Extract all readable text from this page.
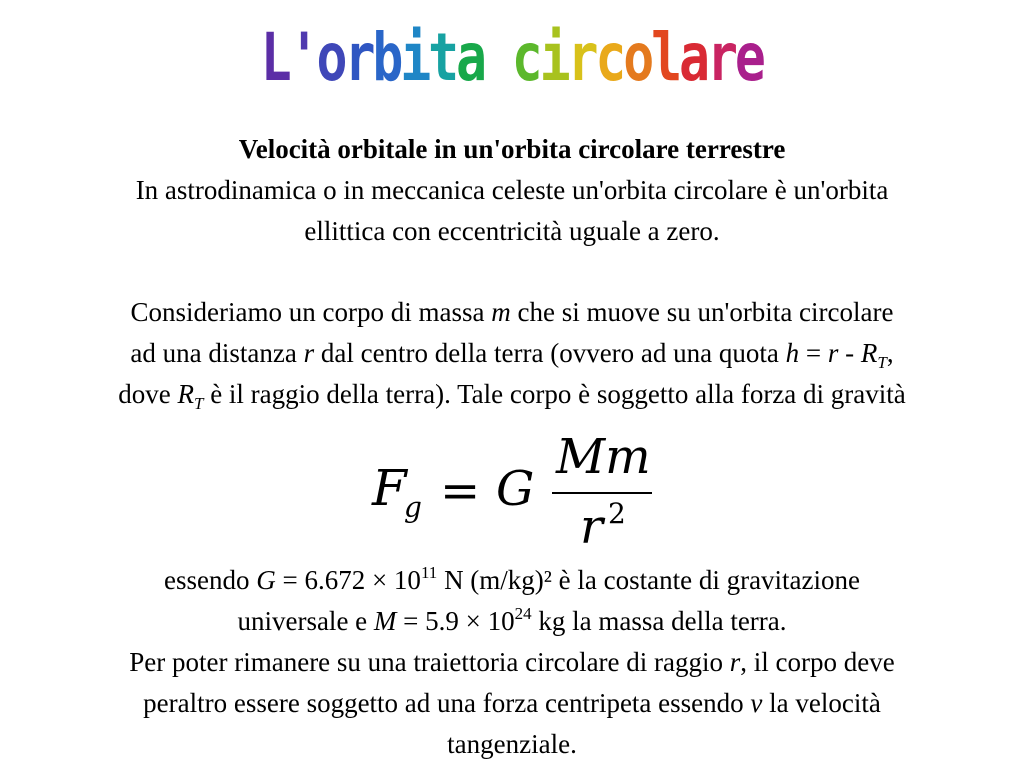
L'orbita circolare
Velocità orbitale in un'orbita circolare terrestre
In astrodinamica o in meccanica celeste un'orbita circolare è un'orbita
ellittica con eccentricità uguale a zero.
Consideriamo un corpo di massa m che si muove su un'orbita circolare
ad una distanza r dal centro della terra (ovvero ad una quota $h = r - R_T$,
dove $R_T$ è il raggio della terra). Tale corpo è soggetto alla forza di gravità
F
g = G
Mm
r 2
essendo $G = 6.672 \times 10^{11}$ N (m/kg)² è la costante di gravitazione
universale e $M = 5.9 \times 10^{24}$ kg la massa della terra.
Per poter rimanere su una traiettoria circolare di raggio r, il corpo deve
peraltro essere soggetto ad una forza centripeta essendo v la velocità
tangenziale.
